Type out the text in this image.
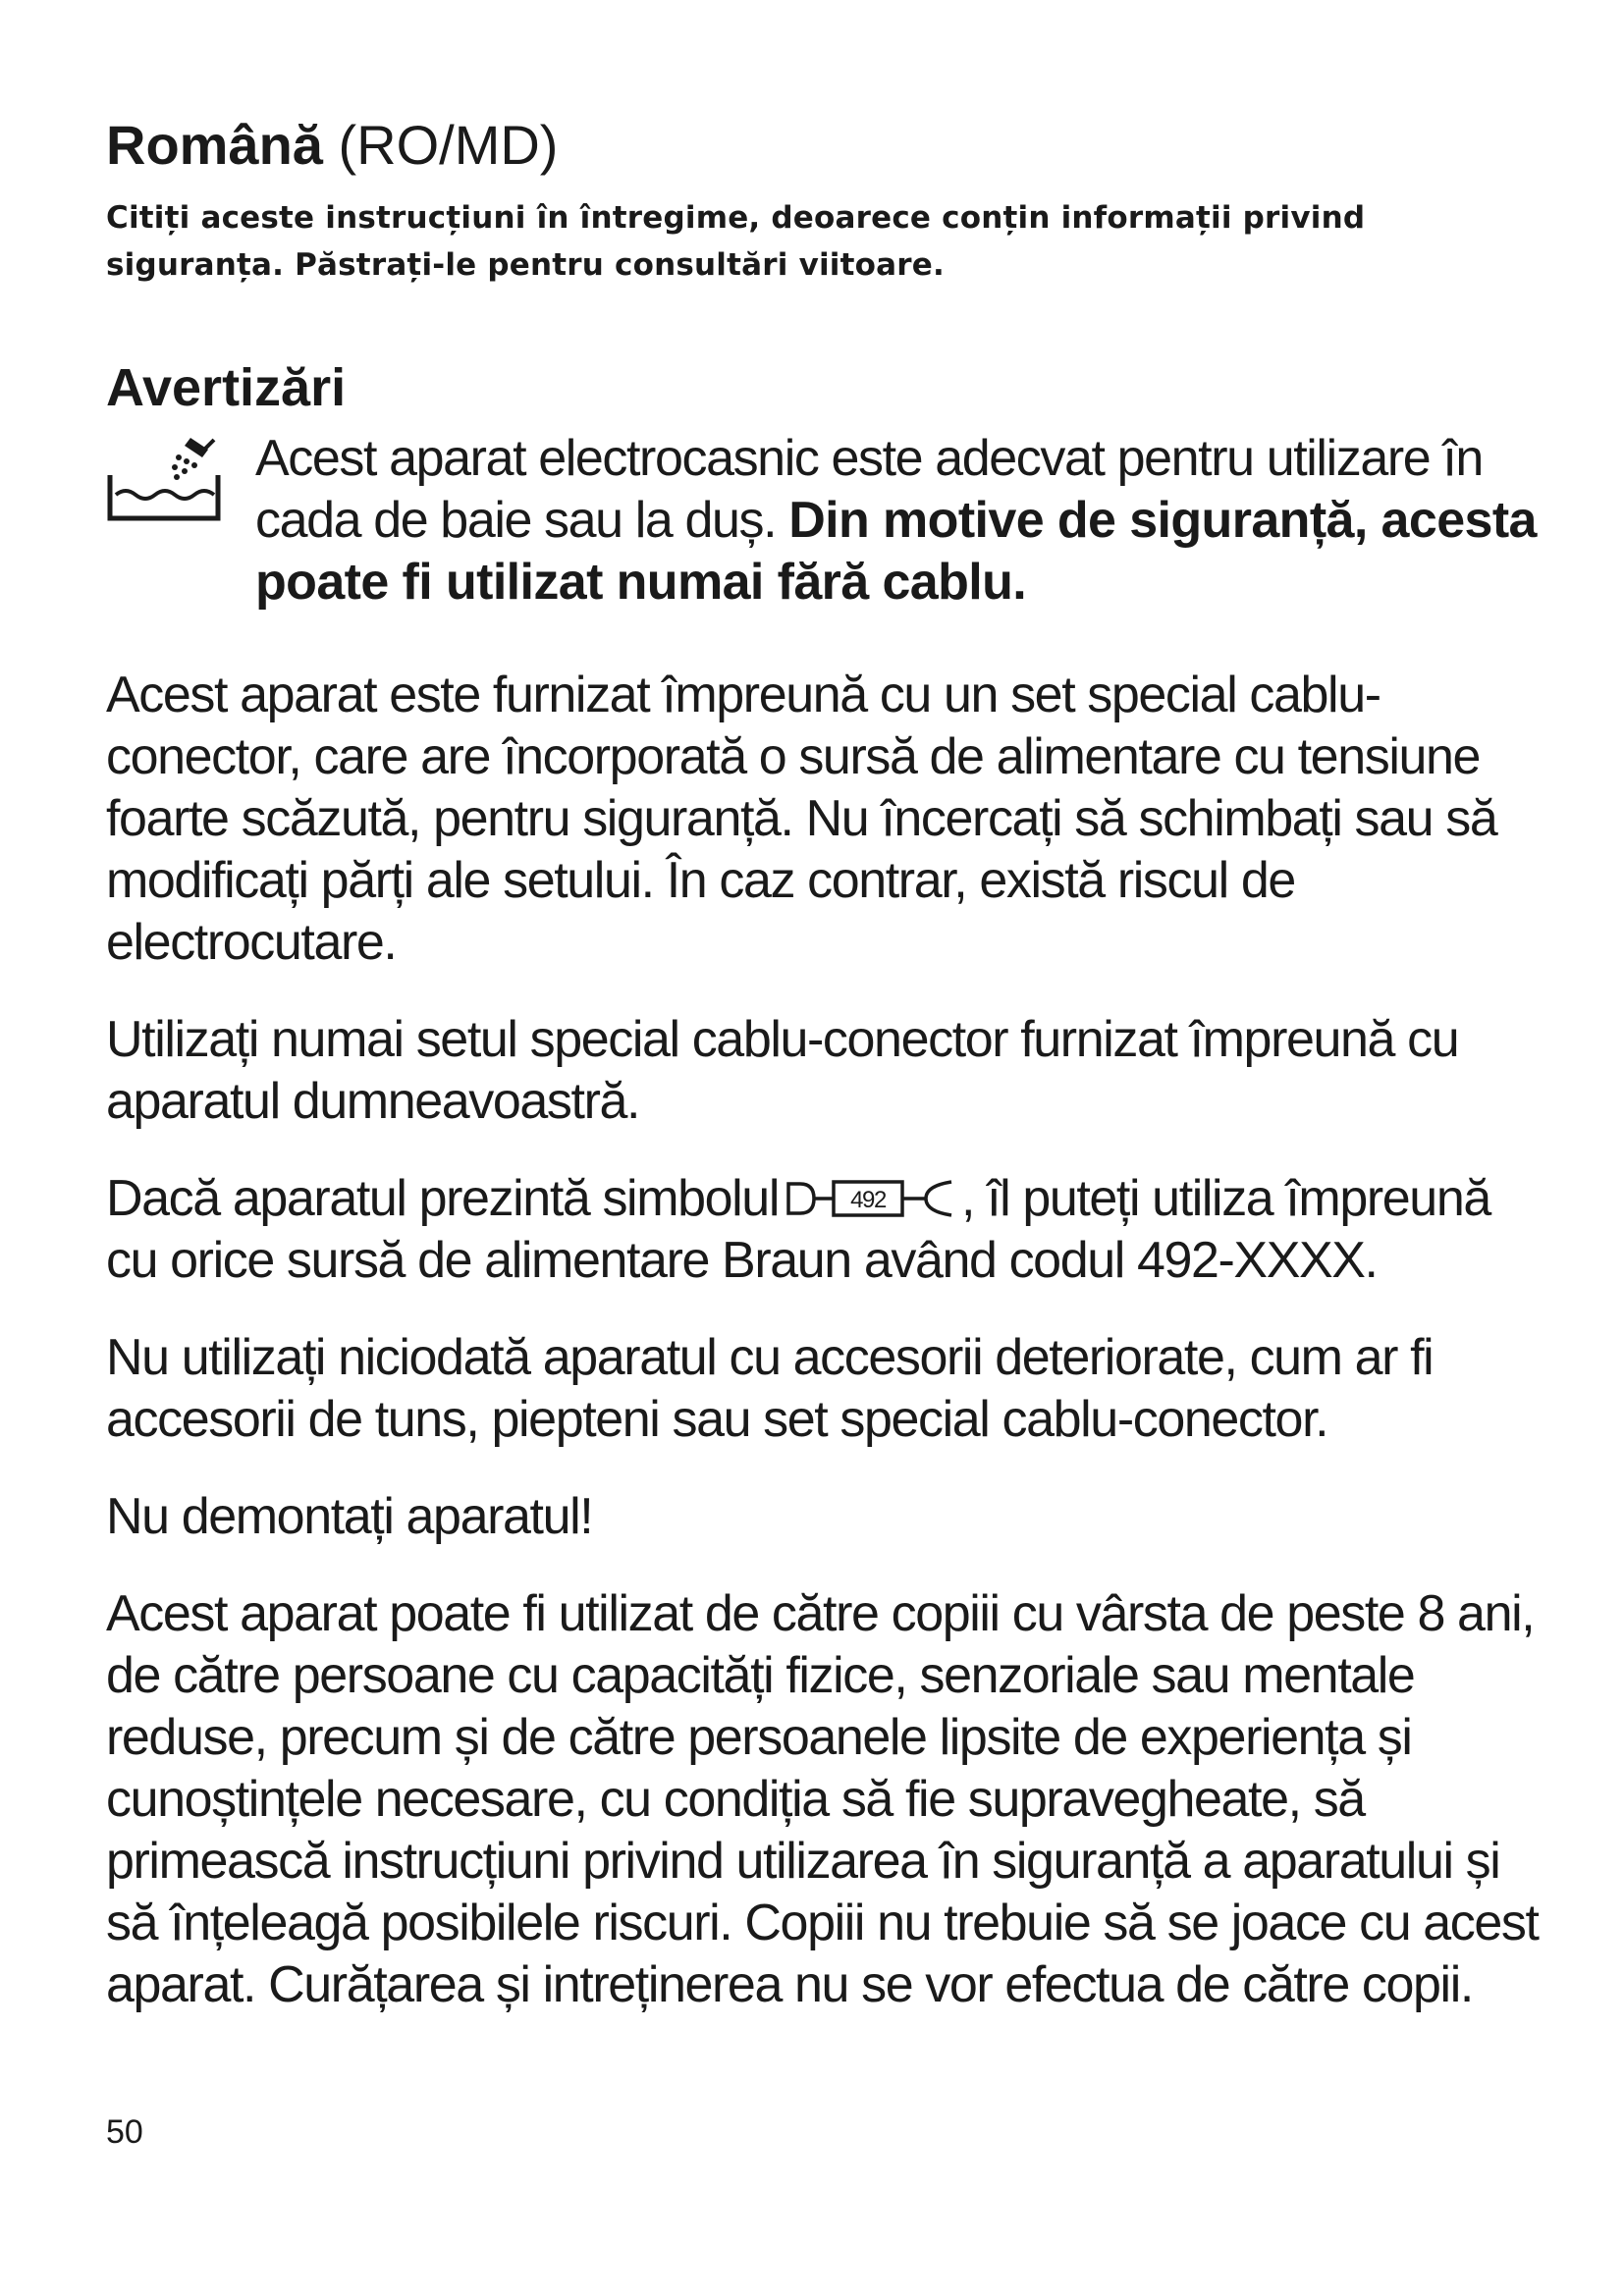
Română (RO/MD)

Citiți aceste instrucțiuni în întregime, deoarece conțin informații privind siguranța. Păstrați-le pentru consultări viitoare.

Avertizări
Acest aparat electrocasnic este adecvat pentru utilizare în cada de baie sau la duș. Din motive de siguranță, acesta poate fi utilizat numai fără cablu.

Acest aparat este furnizat împreună cu un set special cablu-conector, care are încorporată o sursă de alimentare cu tensiune foarte scăzută, pentru siguranță. Nu încercați să schimbați sau să modificați părți ale setului. În caz contrar, există riscul de electrocutare.

Utilizați numai setul special cablu-conector furnizat împreună cu aparatul dumneavoastră.

Dacă aparatul prezintă simbolul	492 , îl puteți utiliza împreună cu orice sursă de alimentare Braun având codul 492-XXXX.

Nu utilizați niciodată aparatul cu accesorii deteriorate, cum ar fi accesorii de tuns, piepteni sau set special cablu-conector.

Nu demontați aparatul!

Acest aparat poate fi utilizat de către copiii cu vârsta de peste 8 ani, de către persoane cu capacități fizice, senzoriale sau mentale reduse, precum și de către persoanele lipsite de experiența și cunoștințele necesare, cu condiția să fie supravegheate, să primească instrucțiuni privind utilizarea în siguranță a aparatului și să înțeleagă posibilele riscuri. Copiii nu trebuie să se joace cu acest aparat. Curățarea și intreținerea nu se vor efectua de către copii.

50
